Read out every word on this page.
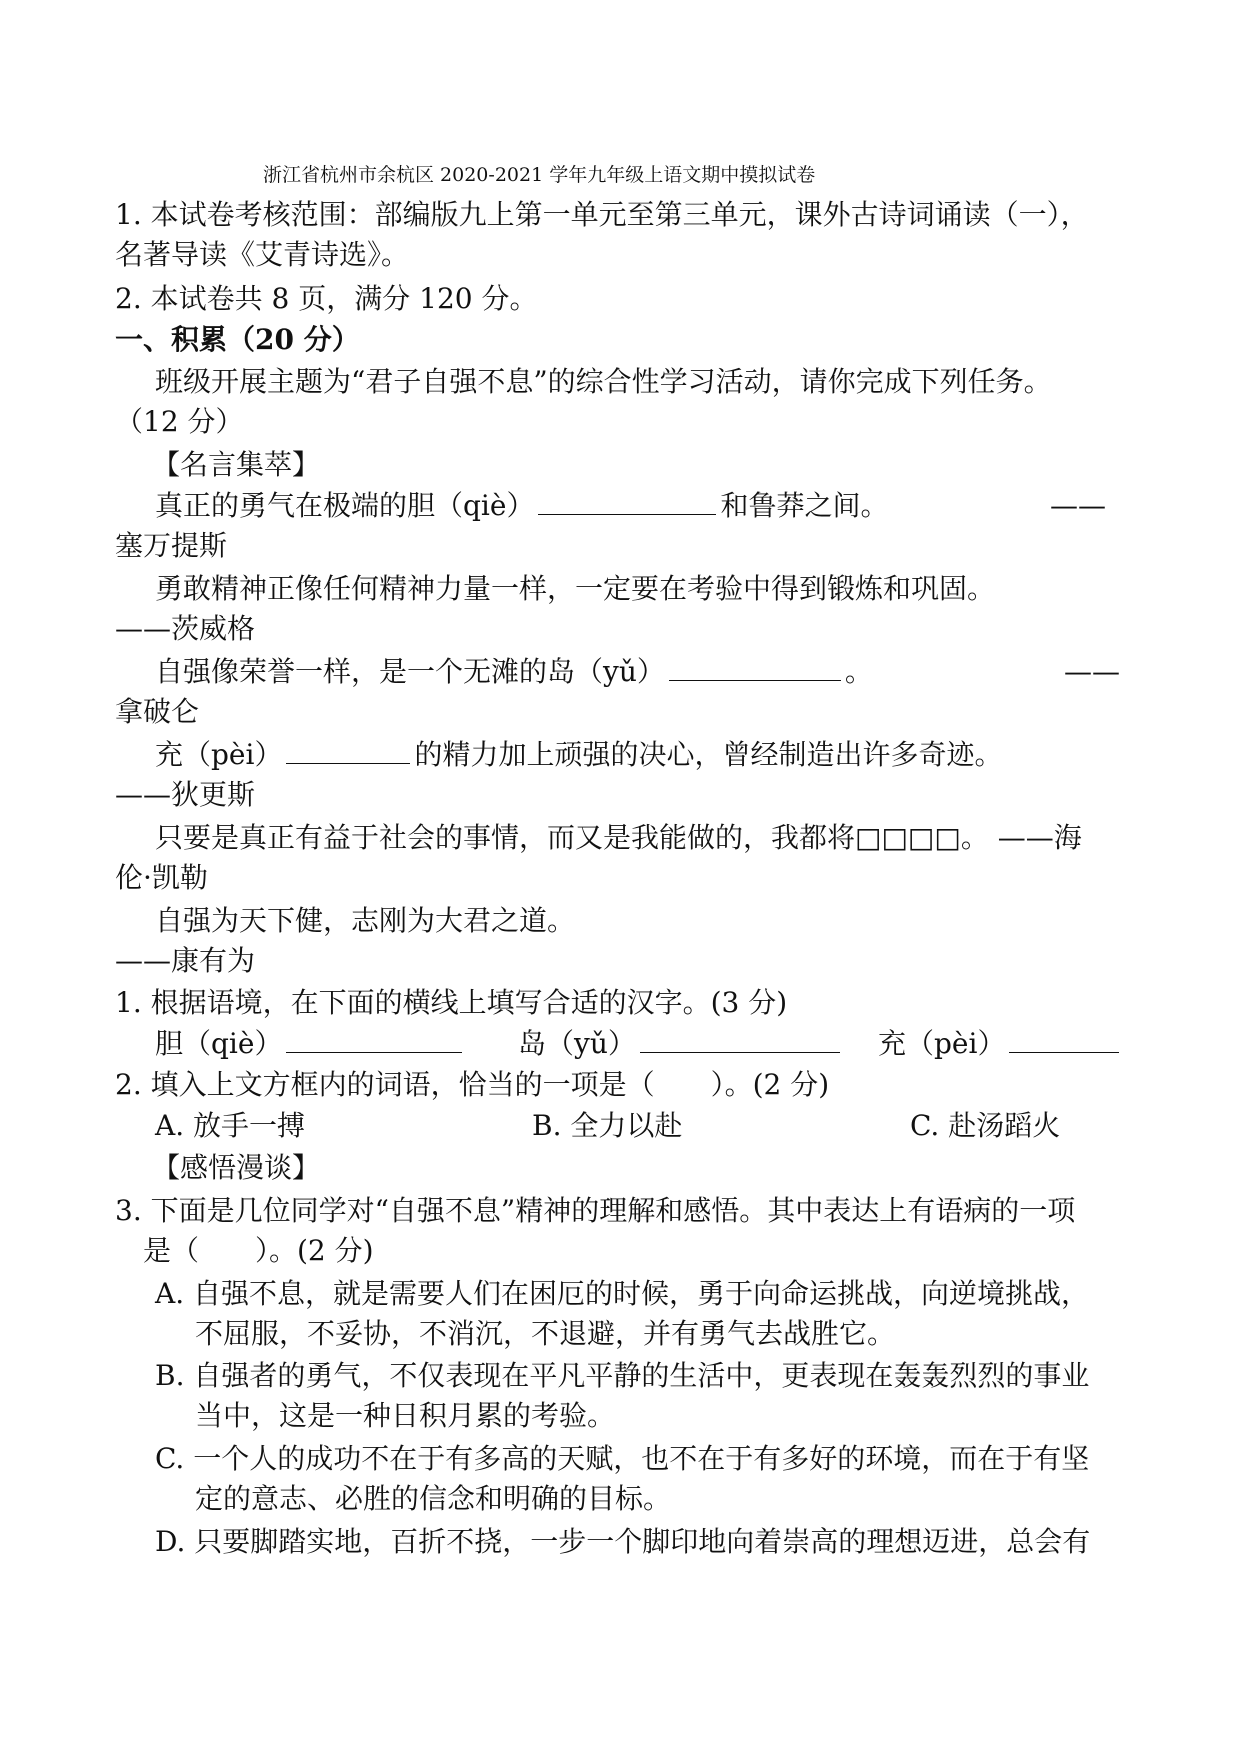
浙江省杭州市余杭区 2020-2021 学年九年级上语文期中摸拟试卷
1. 本试卷考核范围：部编版九上第一单元至第三单元，课外古诗词诵读（一），
名著导读《艾青诗选》。
2. 本试卷共 8 页，满分 120 分。
一、积累（20 分）
班级开展主题为“君子自强不息”的综合性学习活动，请你完成下列任务。
（12 分）
【名言集萃】
真正的勇气在极端的胆（qiè）	和鲁莽之间。	——
塞万提斯
勇敢精神正像任何精神力量一样，一定要在考验中得到锻炼和巩固。
——茨威格
自强像荣誉一样，是一个无滩的岛（yǔ）	。	——
拿破仑
充（pèi）	的精力加上顽强的决心，曾经制造出许多奇迹。
——狄更斯
只要是真正有益于社会的事情，而又是我能做的，我都将□□□□。 ——海
伦·凯勒
自强为天下健，志刚为大君之道。
——康有为
1. 根据语境，在下面的横线上填写合适的汉字。(3 分)
胆（qiè）	岛（yǔ）	充（pèi）
2. 填入上文方框内的词语，恰当的一项是（　　）。(2 分)
A. 放手一搏	B. 全力以赴	C. 赴汤蹈火
【感悟漫谈】
3. 下面是几位同学对“自强不息”精神的理解和感悟。其中表达上有语病的一项
是（　　）。(2 分)
A. 自强不息，就是需要人们在困厄的时候，勇于向命运挑战，向逆境挑战，
不屈服，不妥协，不消沉，不退避，并有勇气去战胜它。
B. 自强者的勇气，不仅表现在平凡平静的生活中，更表现在轰轰烈烈的事业
当中，这是一种日积月累的考验。
C. 一个人的成功不在于有多高的天赋，也不在于有多好的环境，而在于有坚
定的意志、必胜的信念和明确的目标。
D. 只要脚踏实地，百折不挠，一步一个脚印地向着崇高的理想迈进，总会有
